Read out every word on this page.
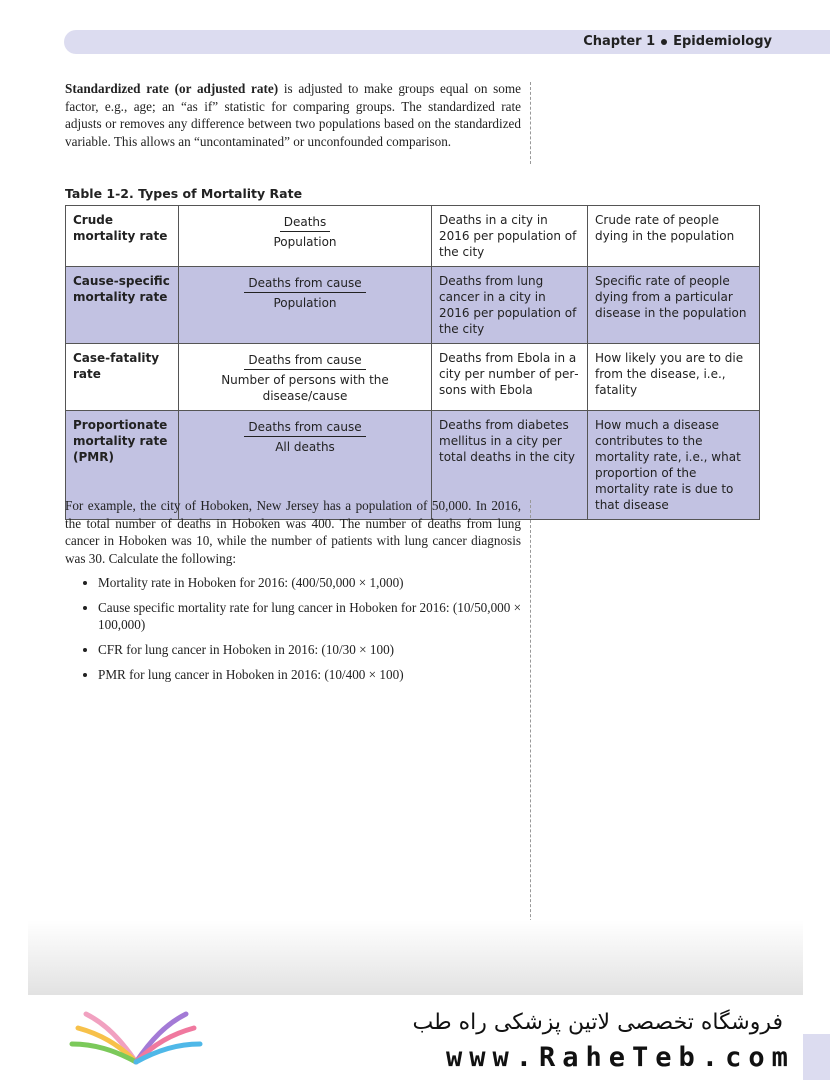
Chapter 1 Epidemiology

Standardized rate (or adjusted rate) is adjusted to make groups equal on some factor, e.g., age; an “as if” statistic for comparing groups. The standardized rate adjusts or removes any difference between two populations based on the standardized variable. This allows an “uncontaminated” or unconfounded comparison.

Table 1-2. Types of Mortality Rate
Crude mortality rate	$\frac{\text{Deaths}}{\text{Population}}$	Deaths in a city in 2016 per population of the city	Crude rate of people dying in the population
Cause-specific mortality rate	$\frac{\text{Deaths from cause}}{\text{Population}}$	Deaths from lung cancer in a city in 2016 per population of the city	Specific rate of people dying from a particular disease in the population
Case-fatality rate	$\frac{\text{Deaths from cause}}{\text{Number of persons with the disease/cause}}$	Deaths from Ebola in a city per number of persons with Ebola	How likely you are to die from the disease, i.e., fatality
Proportionate mortality rate (PMR)	$\frac{\text{Deaths from cause}}{\text{All deaths}}$	Deaths from diabetes mellitus in a city per total deaths in the city	How much a disease contributes to the mortality rate, i.e., what proportion of the mortality rate is due to that disease

For example, the city of Hoboken, New Jersey has a population of 50,000. In 2016, the total number of deaths in Hoboken was 400. The number of deaths from lung cancer in Hoboken was 10, while the number of patients with lung cancer diagnosis was 30. Calculate the following:

• Mortality rate in Hoboken for 2016: (400/50,000 × 1,000)
• Cause specific mortality rate for lung cancer in Hoboken for 2016: (10/50,000 × 100,000)
• CFR for lung cancer in Hoboken in 2016: (10/30 × 100)
• PMR for lung cancer in Hoboken in 2016: (10/400 × 100)
فروشگاه تخصصی لاتین پزشکی راه طب
www.RaheTeb.com
